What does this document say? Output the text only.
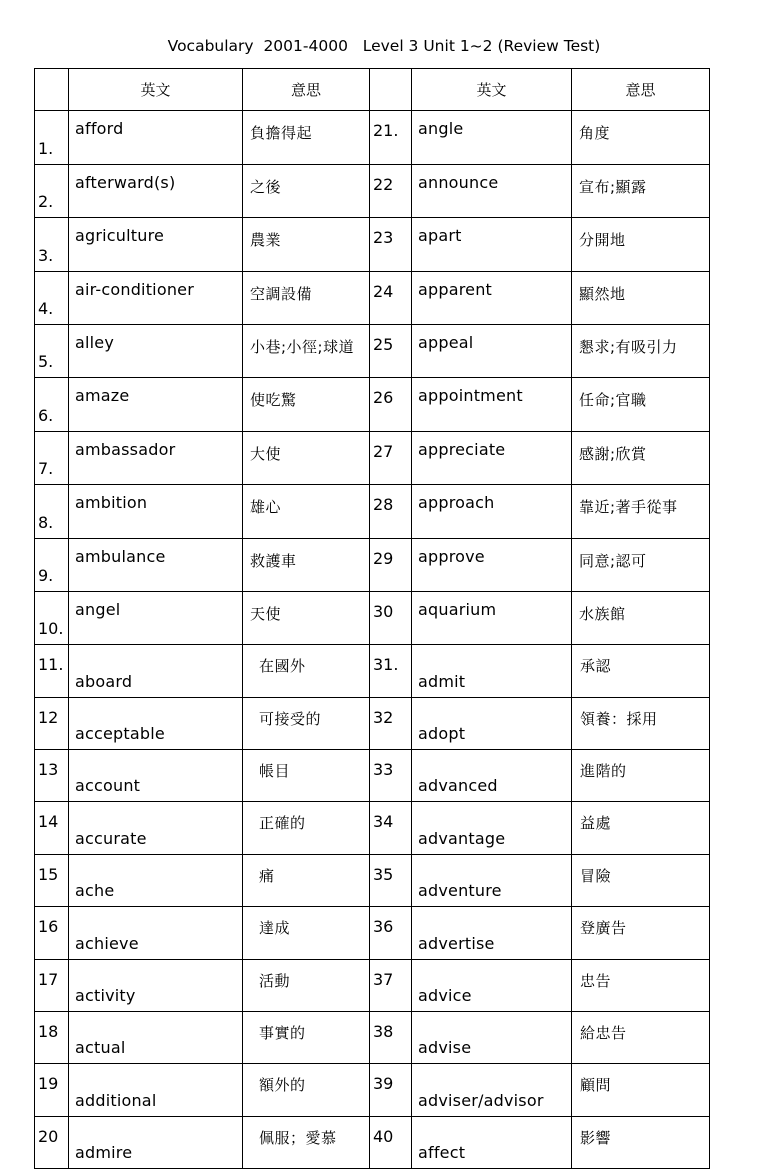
Vocabulary  2001-4000   Level 3 Unit 1~2 (Review Test)
	英文	意思		英文	意思
1.	afford	負擔得起	21.	angle	角度
2.	afterward(s)	之後	22	announce	宣布;顯露
3.	agriculture	農業	23	apart	分開地
4.	air-conditioner	空調設備	24	apparent	顯然地
5.	alley	小巷;小徑;球道	25	appeal	懇求;有吸引力
6.	amaze	使吃驚	26	appointment	任命;官職
7.	ambassador	大使	27	appreciate	感謝;欣賞
8.	ambition	雄心	28	approach	靠近;著手從事
9.	ambulance	救護車	29	approve	同意;認可
10.	angel	天使	30	aquarium	水族館
11.	aboard	在國外	31.	admit	承認
12	acceptable	可接受的	32	adopt	領養：採用
13	account	帳目	33	advanced	進階的
14	accurate	正確的	34	advantage	益處
15	ache	痛	35	adventure	冒險
16	achieve	達成	36	advertise	登廣告
17	activity	活動	37	advice	忠告
18	actual	事實的	38	advise	給忠告
19	additional	額外的	39	adviser/advisor	顧問
20	admire	佩服；愛慕	40	affect	影響
